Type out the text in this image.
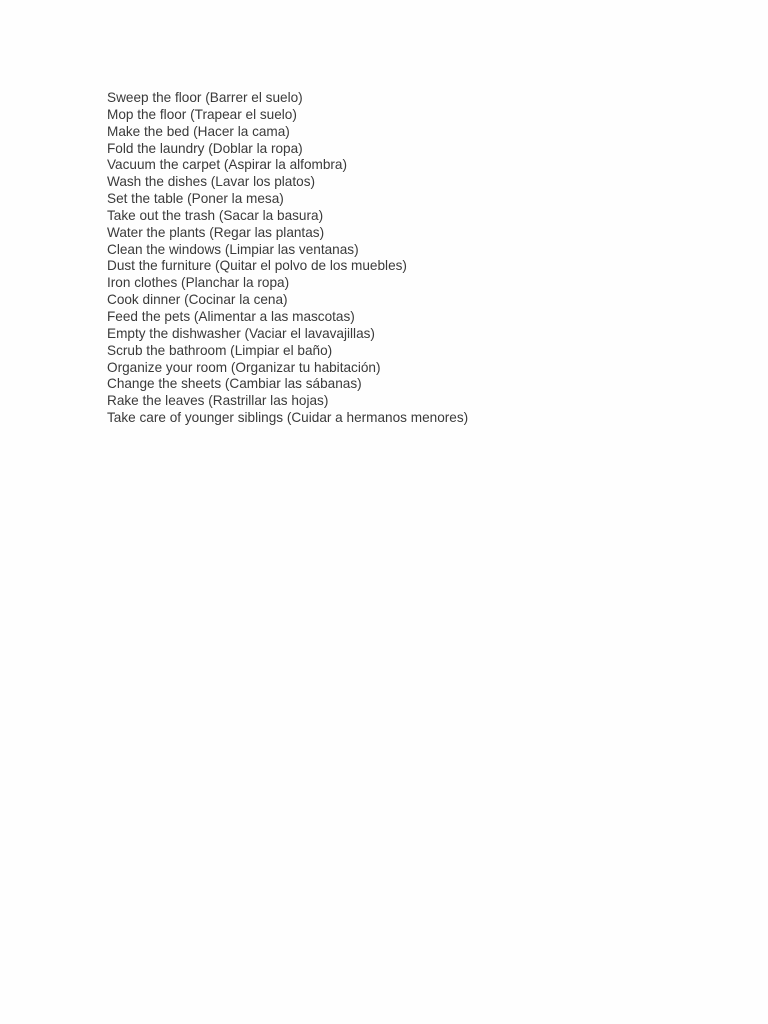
Sweep the floor (Barrer el suelo)
Mop the floor (Trapear el suelo)
Make the bed (Hacer la cama)
Fold the laundry (Doblar la ropa)
Vacuum the carpet (Aspirar la alfombra)
Wash the dishes (Lavar los platos)
Set the table (Poner la mesa)
Take out the trash (Sacar la basura)
Water the plants (Regar las plantas)
Clean the windows (Limpiar las ventanas)
Dust the furniture (Quitar el polvo de los muebles)
Iron clothes (Planchar la ropa)
Cook dinner (Cocinar la cena)
Feed the pets (Alimentar a las mascotas)
Empty the dishwasher (Vaciar el lavavajillas)
Scrub the bathroom (Limpiar el baño)
Organize your room (Organizar tu habitación)
Change the sheets (Cambiar las sábanas)
Rake the leaves (Rastrillar las hojas)
Take care of younger siblings (Cuidar a hermanos menores)
